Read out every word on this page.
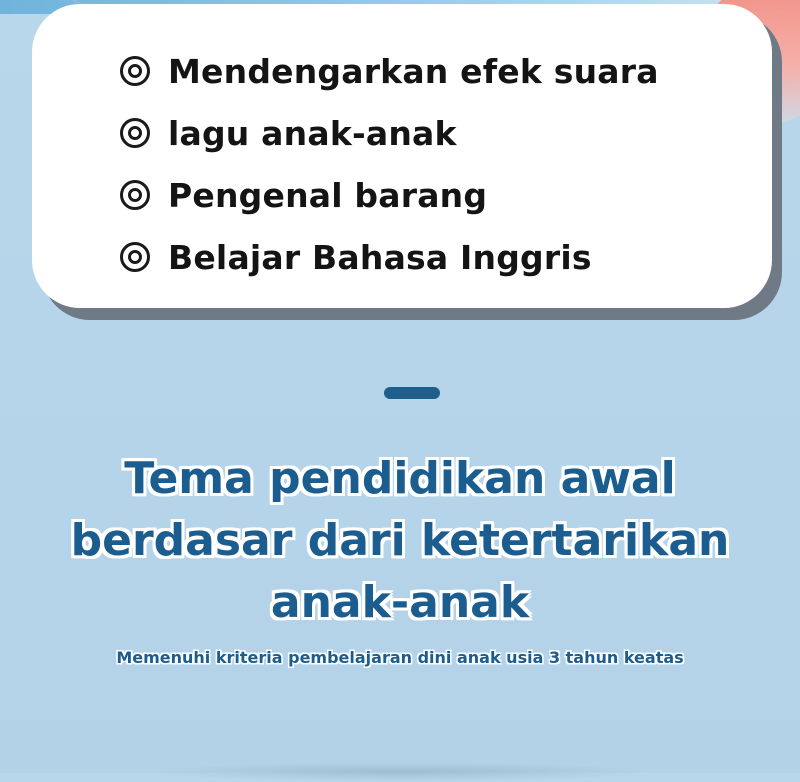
Mendengarkan efek suara
lagu anak-anak
Pengenal barang
Belajar Bahasa Inggris
Tema pendidikan awal
berdasar dari ketertarikan
anak-anak

Memenuhi kriteria pembelajaran dini anak usia 3 tahun keatas
